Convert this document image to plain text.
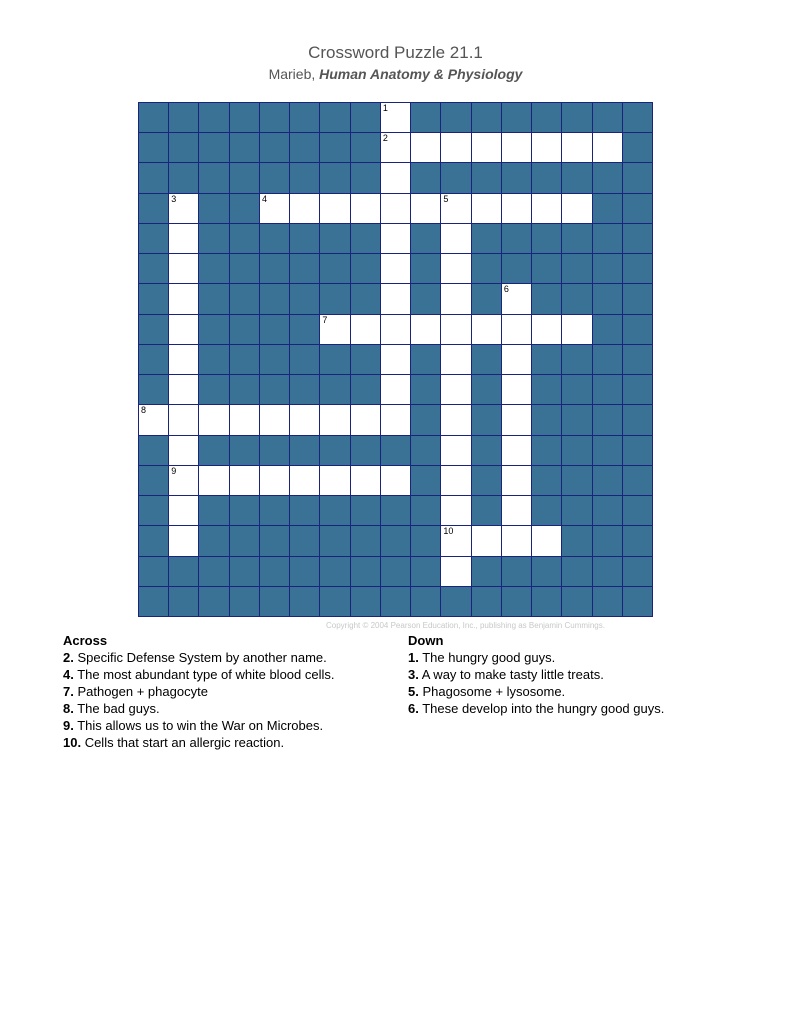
Crossword Puzzle 21.1
Marieb, Human Anatomy & Physiology
1
2
3	4	5
6
7
8
9
10
Copyright © 2004 Pearson Education, Inc., publishing as Benjamin Cummings.
Across
2. Specific Defense System by another name.
4. The most abundant type of white blood cells.
7. Pathogen + phagocyte
8. The bad guys.
9. This allows us to win the War on Microbes.
10. Cells that start an allergic reaction.
Down
1. The hungry good guys.
3. A way to make tasty little treats.
5. Phagosome + lysosome.
6. These develop into the hungry good guys.
